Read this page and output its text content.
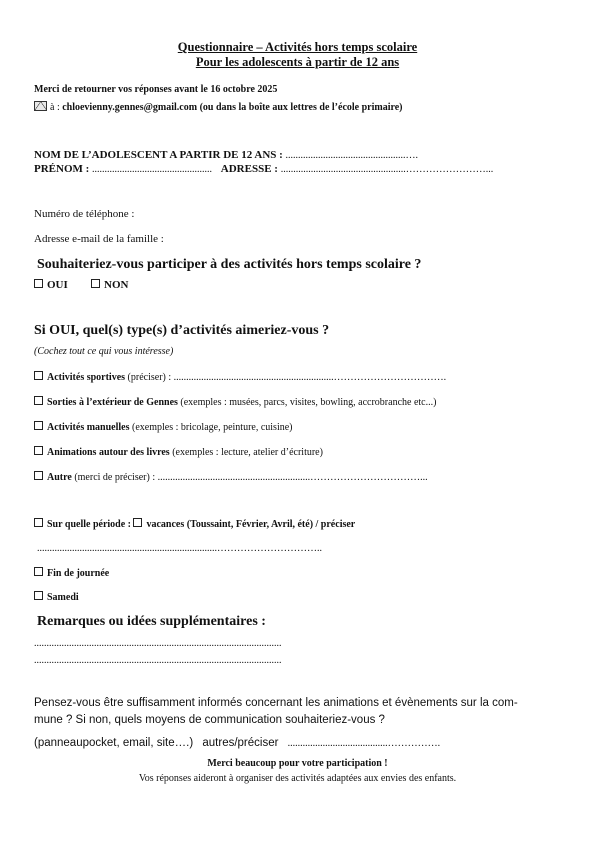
Questionnaire – Activités hors temps scolaire
Pour les adolescents à partir de 12 ans
Merci de retourner vos réponses avant le 16 octobre 2025
à : chloevienny.gennes@gmail.com (ou dans la boîte aux lettres de l’école primaire)
NOM DE L’ADOLESCENT A PARTIR DE 12 ANS : ................................................….
PRÉNOM : ................................................ ADRESSE : ..................................................……………………...
Numéro de téléphone :
Adresse e-mail de la famille :
Souhaiteriez-vous participer à des activités hors temps scolaire ?
OUI	NON
Si OUI, quel(s) type(s) d’activités aimeriez-vous ?
(Cochez tout ce qui vous intéresse)
Activités sportives (préciser) : ................................................................…………………………….
Sorties à l’extérieur de Gennes (exemples : musées, parcs, visites, bowling, accrobranche etc...)
Activités manuelles (exemples : bricolage, peinture, cuisine)
Animations autour des livres (exemples : lecture, atelier d’écriture)
Autre (merci de préciser) : .............................................................……………………………...
Sur quelle période : vacances (Toussaint, Février, Avril, été) / préciser
........................................................................…………………………..
Fin de journée
Samedi
Remarques ou idées supplémentaires :
...................................................................................................
...................................................................................................
Pensez-vous être suffisamment informés concernant les animations et évènements sur la com-
mune ? Si non, quels moyens de communication souhaiteriez-vous ?
(panneaupocket, email, site….) autres/préciser ........................................…………….
Merci beaucoup pour votre participation !
Vos réponses aideront à organiser des activités adaptées aux envies des enfants.
